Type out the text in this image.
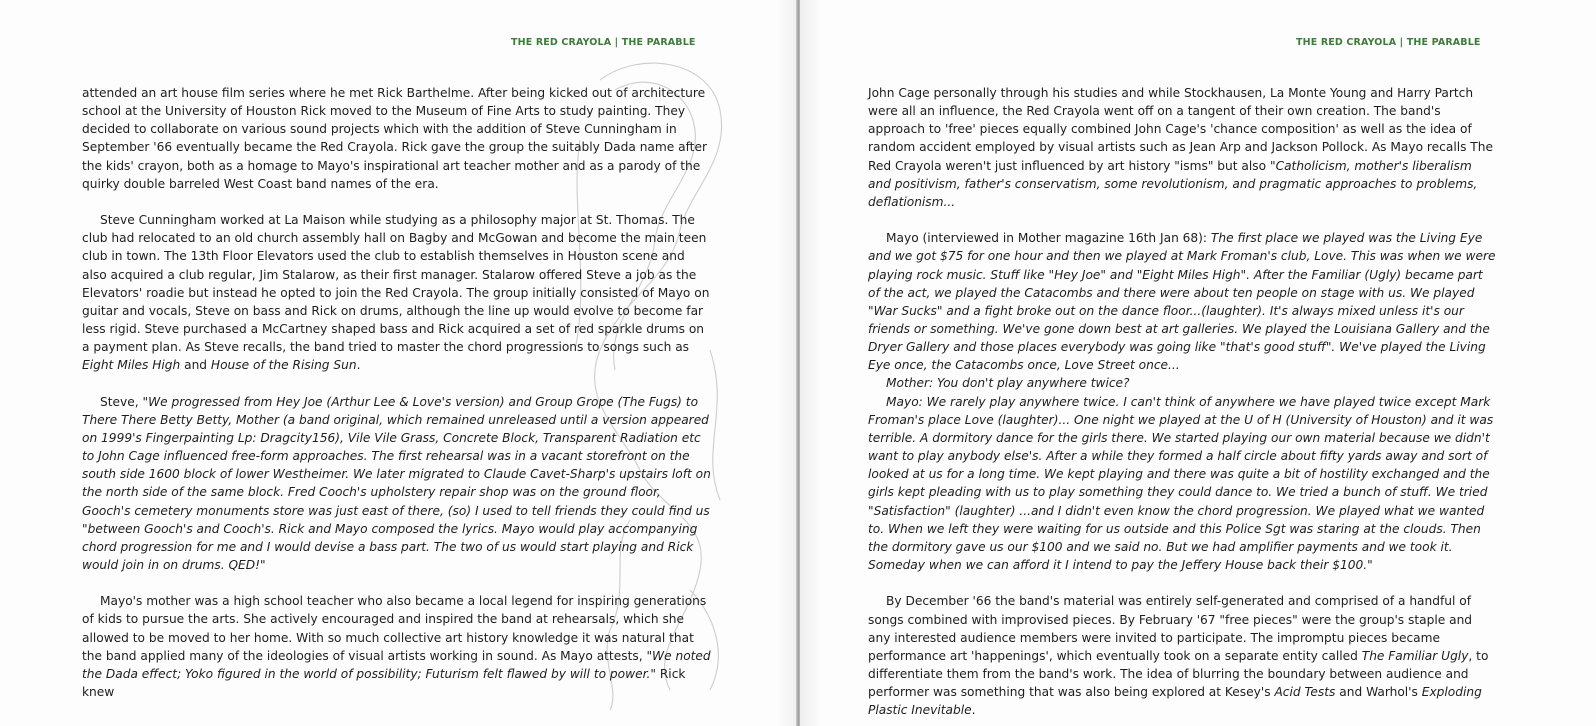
THE RED CRAYOLA | THE PARABLE

attended an art house film series where he met Rick Barthelme. After being kicked out of architecture school at the University of Houston Rick moved to the Museum of Fine Arts to study painting. They decided to collaborate on various sound projects which with the addition of Steve Cunningham in September '66 eventually became the Red Crayola. Rick gave the group the suitably Dada name after the kids' crayon, both as a homage to Mayo's inspirational art teacher mother and as a parody of the quirky double barreled West Coast band names of the era.

Steve Cunningham worked at La Maison while studying as a philosophy major at St. Thomas. The club had relocated to an old church assembly hall on Bagby and McGowan and become the main teen club in town. The 13th Floor Elevators used the club to establish themselves in Houston scene and also acquired a club regular, Jim Stalarow, as their first manager. Stalarow offered Steve a job as the Elevators' roadie but instead he opted to join the Red Crayola. The group initially consisted of Mayo on guitar and vocals, Steve on bass and Rick on drums, although the line up would evolve to become far less rigid. Steve purchased a McCartney shaped bass and Rick acquired a set of red sparkle drums on a payment plan. As Steve recalls, the band tried to master the chord progressions to songs such as Eight Miles High and House of the Rising Sun.

Steve, "We progressed from Hey Joe (Arthur Lee & Love's version) and Group Grope (The Fugs) to There There Betty Betty, Mother (a band original, which remained unreleased until a version appeared on 1999's Fingerpainting Lp: Dragcity156), Vile Vile Grass, Concrete Block, Transparent Radiation etc to John Cage influenced free-form approaches. The first rehearsal was in a vacant storefront on the south side 1600 block of lower Westheimer. We later migrated to Claude Cavet-Sharp's upstairs loft on the north side of the same block. Fred Cooch's upholstery repair shop was on the ground floor, Gooch's cemetery monuments store was just east of there, (so) I used to tell friends they could find us "between Gooch's and Cooch's. Rick and Mayo composed the lyrics. Mayo would play accompanying chord progression for me and I would devise a bass part. The two of us would start playing and Rick would join in on drums. QED!"

Mayo's mother was a high school teacher who also became a local legend for inspiring generations of kids to pursue the arts. She actively encouraged and inspired the band at rehearsals, which she allowed to be moved to her home. With so much collective art history knowledge it was natural that the band applied many of the ideologies of visual artists working in sound. As Mayo attests, "We noted the Dada effect; Yoko figured in the world of possibility; Futurism felt flawed by will to power." Rick knew

THE RED CRAYOLA | THE PARABLE

John Cage personally through his studies and while Stockhausen, La Monte Young and Harry Partch were all an influence, the Red Crayola went off on a tangent of their own creation. The band's approach to 'free' pieces equally combined John Cage's 'chance composition' as well as the idea of random accident employed by visual artists such as Jean Arp and Jackson Pollock. As Mayo recalls The Red Crayola weren't just influenced by art history "isms" but also "Catholicism, mother's liberalism and positivism, father's conservatism, some revolutionism, and pragmatic approaches to problems, deflationism...

Mayo (interviewed in Mother magazine 16th Jan 68): The first place we played was the Living Eye and we got $75 for one hour and then we played at Mark Froman's club, Love. This was when we were playing rock music. Stuff like "Hey Joe" and "Eight Miles High". After the Familiar (Ugly) became part of the act, we played the Catacombs and there were about ten people on stage with us. We played "War Sucks" and a fight broke out on the dance floor...(laughter). It's always mixed unless it's our friends or something. We've gone down best at art galleries. We played the Louisiana Gallery and the Dryer Gallery and those places everybody was going like "that's good stuff". We've played the Living Eye once, the Catacombs once, Love Street once...

Mother: You don't play anywhere twice?

Mayo: We rarely play anywhere twice. I can't think of anywhere we have played twice except Mark Froman's place Love (laughter)... One night we played at the U of H (University of Houston) and it was terrible. A dormitory dance for the girls there. We started playing our own material because we didn't want to play anybody else's. After a while they formed a half circle about fifty yards away and sort of looked at us for a long time. We kept playing and there was quite a bit of hostility exchanged and the girls kept pleading with us to play something they could dance to. We tried a bunch of stuff. We tried "Satisfaction" (laughter) ...and I didn't even know the chord progression. We played what we wanted to. When we left they were waiting for us outside and this Police Sgt was staring at the clouds. Then the dormitory gave us our $100 and we said no. But we had amplifier payments and we took it. Someday when we can afford it I intend to pay the Jeffery House back their $100."

By December '66 the band's material was entirely self-generated and comprised of a handful of songs combined with improvised pieces. By February '67 "free pieces" were the group's staple and any interested audience members were invited to participate. The impromptu pieces became performance art 'happenings', which eventually took on a separate entity called The Familiar Ugly, to differentiate them from the band's work. The idea of blurring the boundary between audience and performer was something that was also being explored at Kesey's Acid Tests and Warhol's Exploding Plastic Inevitable.
